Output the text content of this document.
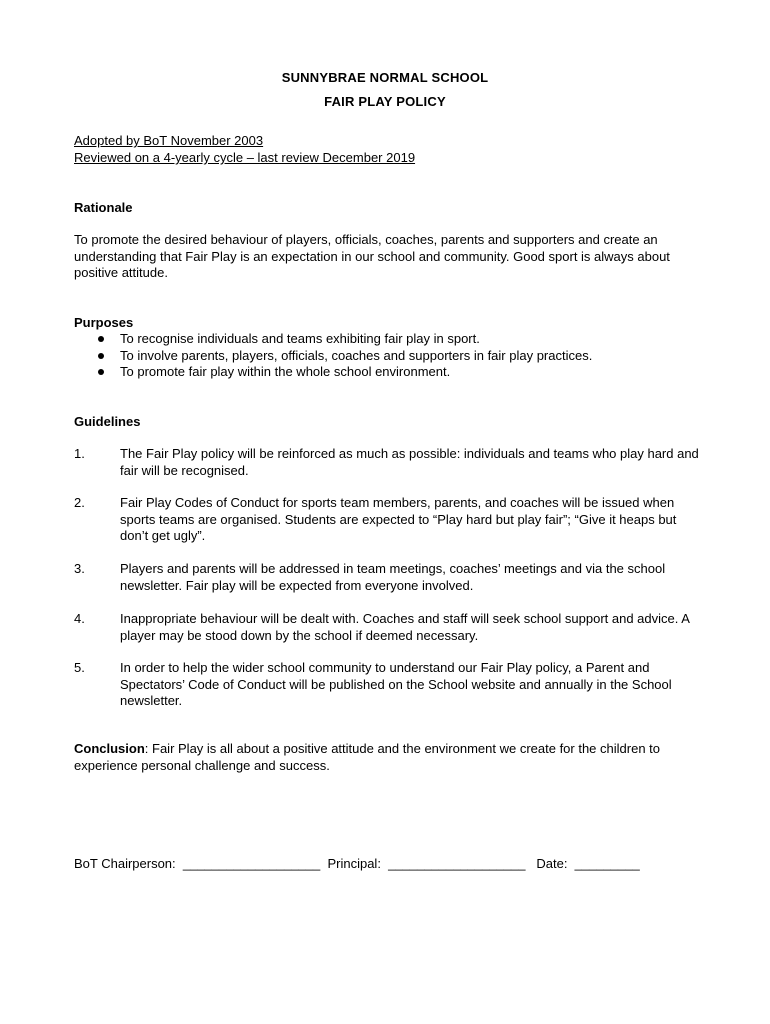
SUNNYBRAE NORMAL SCHOOL
FAIR PLAY POLICY
Adopted by BoT November 2003
Reviewed on a 4-yearly cycle – last review December 2019
Rationale
To promote the desired behaviour of players, officials, coaches, parents and supporters and create an understanding that Fair Play is an expectation in our school and community. Good sport is always about positive attitude.
Purposes
To recognise individuals and teams exhibiting fair play in sport.
To involve parents, players, officials, coaches and supporters in fair play practices.
To promote fair play within the whole school environment.
Guidelines
1.	The Fair Play policy will be reinforced as much as possible: individuals and teams who play hard and fair will be recognised.
2.	Fair Play Codes of Conduct for sports team members, parents, and coaches will be issued when sports teams are organised. Students are expected to “Play hard but play fair”; “Give it heaps but don’t get ugly”.
3.	Players and parents will be addressed in team meetings, coaches’ meetings and via the school newsletter. Fair play will be expected from everyone involved.
4.	Inappropriate behaviour will be dealt with. Coaches and staff will seek school support and advice. A player may be stood down by the school if deemed necessary.
5.	In order to help the wider school community to understand our Fair Play policy, a Parent and Spectators’ Code of Conduct will be published on the School website and annually in the School newsletter.
Conclusion: Fair Play is all about a positive attitude and the environment we create for the children to experience personal challenge and success.
BoT Chairperson:  ___________________  Principal:  ___________________   Date:  _________
